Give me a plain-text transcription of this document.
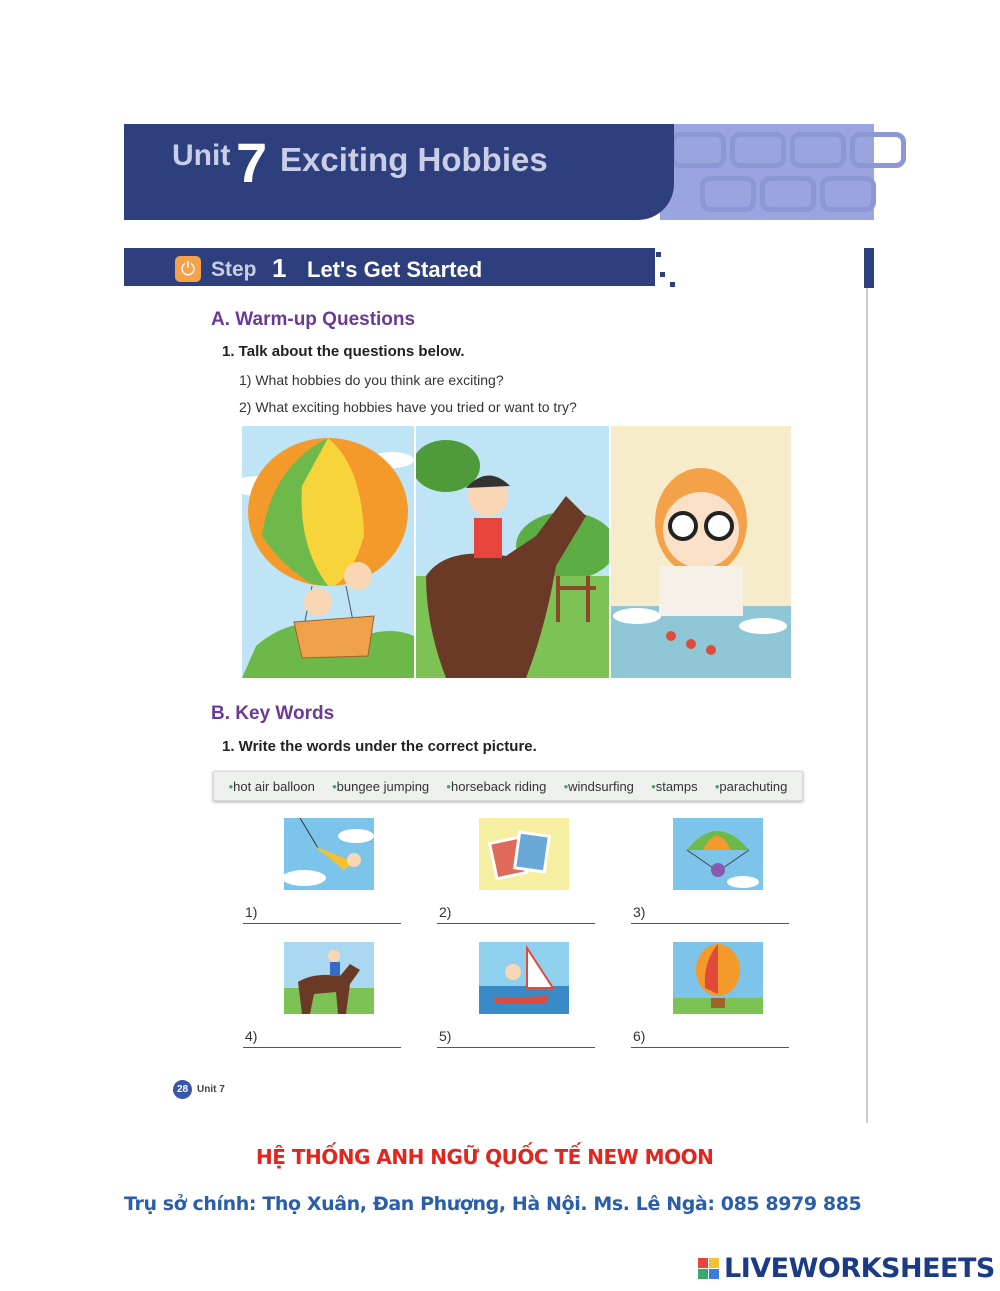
Unit 7 Exciting Hobbies
⏻ Step 1 Let's Get Started
A. Warm-up Questions
1. Talk about the questions below.
1) What hobbies do you think are exciting?
2) What exciting hobbies have you tried or want to try?
B. Key Words
1. Write the words under the correct picture.
• hot air balloon	• bungee jumping	• horseback riding	• windsurfing	• stamps	• parachuting
1)	2)	3)
4)	5)	6)
28 Unit 7
HỆ THỐNG ANH NGỮ QUỐC TẾ NEW MOON
Trụ sở chính: Thọ Xuân, Đan Phượng, Hà Nội. Ms. Lê Ngà: 085 8979 885
LIVEWORKSHEETS
